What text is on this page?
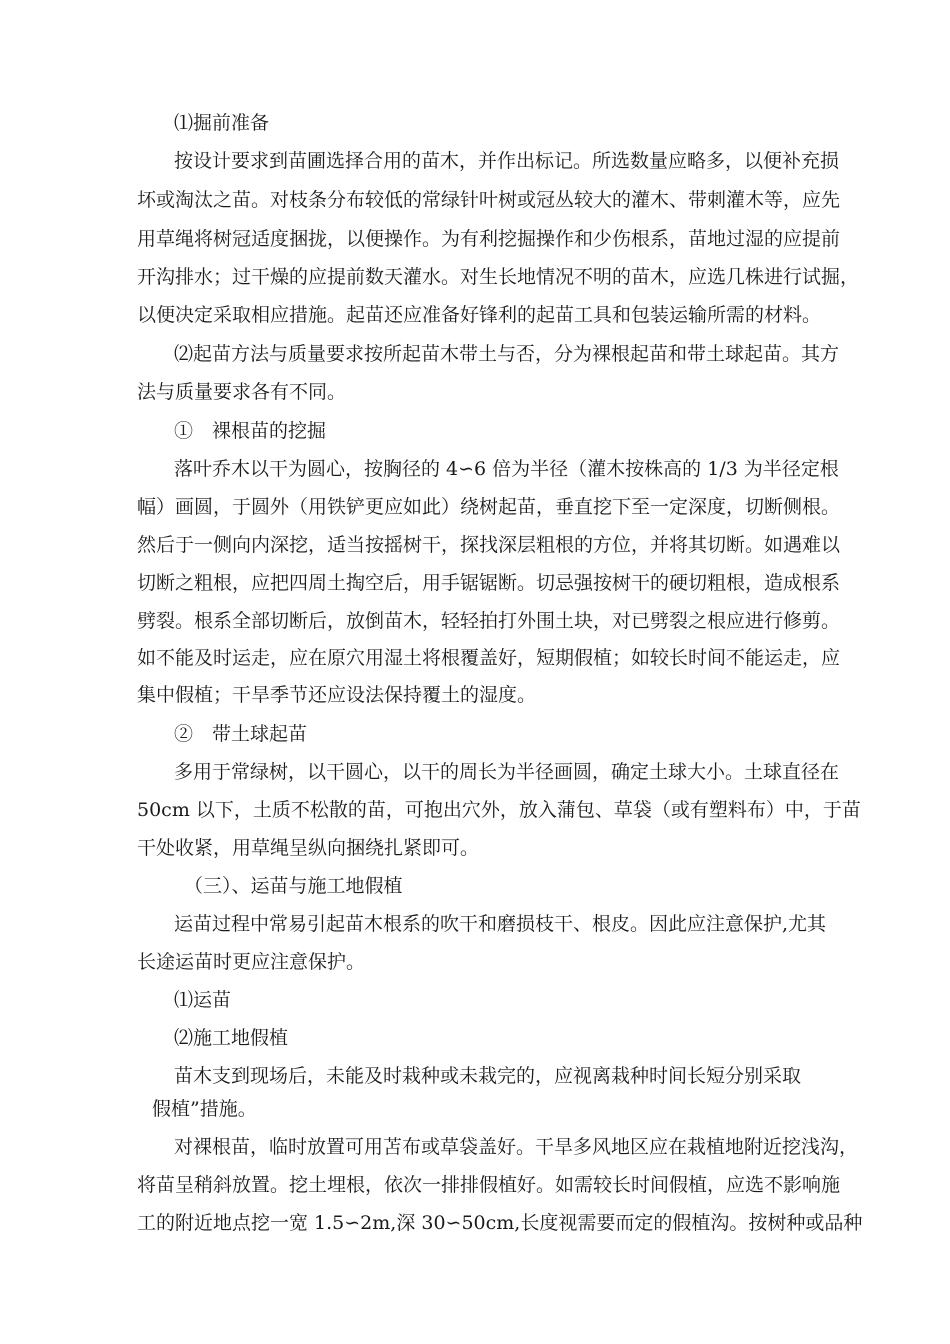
⑴掘前准备
按设计要求到苗圃选择合用的苗木，并作出标记。所选数量应略多，以便补充损
坏或淘汰之苗。对枝条分布较低的常绿针叶树或冠丛较大的灌木、带刺灌木等，应先
用草绳将树冠适度捆拢，以便操作。为有利挖掘操作和少伤根系，苗地过湿的应提前
开沟排水；过干燥的应提前数天灌水。对生长地情况不明的苗木，应选几株进行试掘，
以便决定采取相应措施。起苗还应准备好锋利的起苗工具和包装运输所需的材料。
⑵起苗方法与质量要求按所起苗木带土与否，分为裸根起苗和带土球起苗。其方
法与质量要求各有不同。
①　裸根苗的挖掘
落叶乔木以干为圆心，按胸径的 4∽6 倍为半径（灌木按株高的 1/3 为半径定根
幅）画圆，于圆外（用铁铲更应如此）绕树起苗，垂直挖下至一定深度，切断侧根。
然后于一侧向内深挖，适当按摇树干，探找深层粗根的方位，并将其切断。如遇难以
切断之粗根，应把四周土掏空后，用手锯锯断。切忌强按树干的硬切粗根，造成根系
劈裂。根系全部切断后，放倒苗木，轻轻拍打外围土块，对已劈裂之根应进行修剪。
如不能及时运走，应在原穴用湿土将根覆盖好，短期假植；如较长时间不能运走，应
集中假植；干旱季节还应设法保持覆土的湿度。
②　带土球起苗
多用于常绿树，以干圆心，以干的周长为半径画圆，确定土球大小。土球直径在
50cm 以下，土质不松散的苗，可抱出穴外，放入蒲包、草袋（或有塑料布）中，于苗
干处收紧，用草绳呈纵向捆绕扎紧即可。
（三）、运苗与施工地假植
运苗过程中常易引起苗木根系的吹干和磨损枝干、根皮。因此应注意保护,尤其
长途运苗时更应注意保护。
⑴运苗
⑵施工地假植
苗木支到现场后，未能及时栽种或未栽完的，应视离栽种时间长短分别采取
假植”措施。
对裸根苗，临时放置可用苫布或草袋盖好。干旱多风地区应在栽植地附近挖浅沟，
将苗呈稍斜放置。挖土埋根，依次一排排假植好。如需较长时间假植，应选不影响施
工的附近地点挖一宽 1.5∽2m,深 30∽50cm,长度视需要而定的假植沟。按树种或品种
